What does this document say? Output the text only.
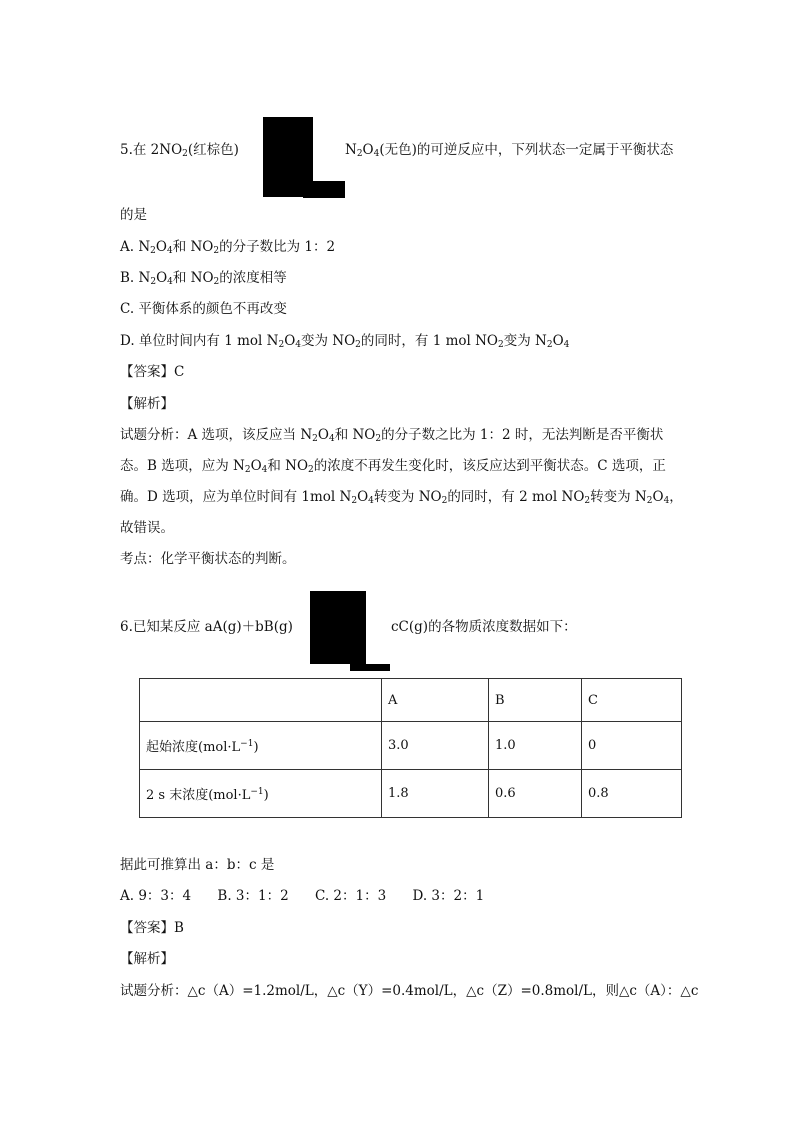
5.在 $2NO_2$(红棕色)	$N_2O_4$(无色)的可逆反应中，下列状态一定属于平衡状态
的是
A. $N_2O_4$和 $NO_2$的分子数比为 1：2
B. $N_2O_4$和 $NO_2$的浓度相等
C. 平衡体系的颜色不再改变
D. 单位时间内有 1 mol $N_2O_4$变为 $NO_2$的同时，有 1 mol $NO_2$变为 $N_2O_4$
【答案】C
【解析】
试题分析：A 选项，该反应当 $N_2O_4$和 $NO_2$的分子数之比为 1：2 时，无法判断是否平衡状
态。B 选项，应为 $N_2O_4$和 $NO_2$的浓度不再发生变化时，该反应达到平衡状态。C 选项，正
确。D 选项，应为单位时间有 1mol $N_2O_4$转变为 $NO_2$的同时，有 2 mol $NO_2$转变为 $N_2O_4$，
故错误。
考点：化学平衡状态的判断。
6.已知某反应 aA(g)＋bB(g)	cC(g)的各物质浓度数据如下：
	A	B	C
起始浓度$(mol\cdot L^{-1})$	3.0	1.0	0
2 s 末浓度$(mol\cdot L^{-1})$	1.8	0.6	0.8
据此可推算出 a：b：c 是
A. 9：3：4 B. 3：1：2 C. 2：1：3 D. 3：2：1
【答案】B
【解析】
试题分析：△c（A）=1.2mol/L，△c（Y）=0.4mol/L，△c（Z）=0.8mol/L，则△c（A）：△c
